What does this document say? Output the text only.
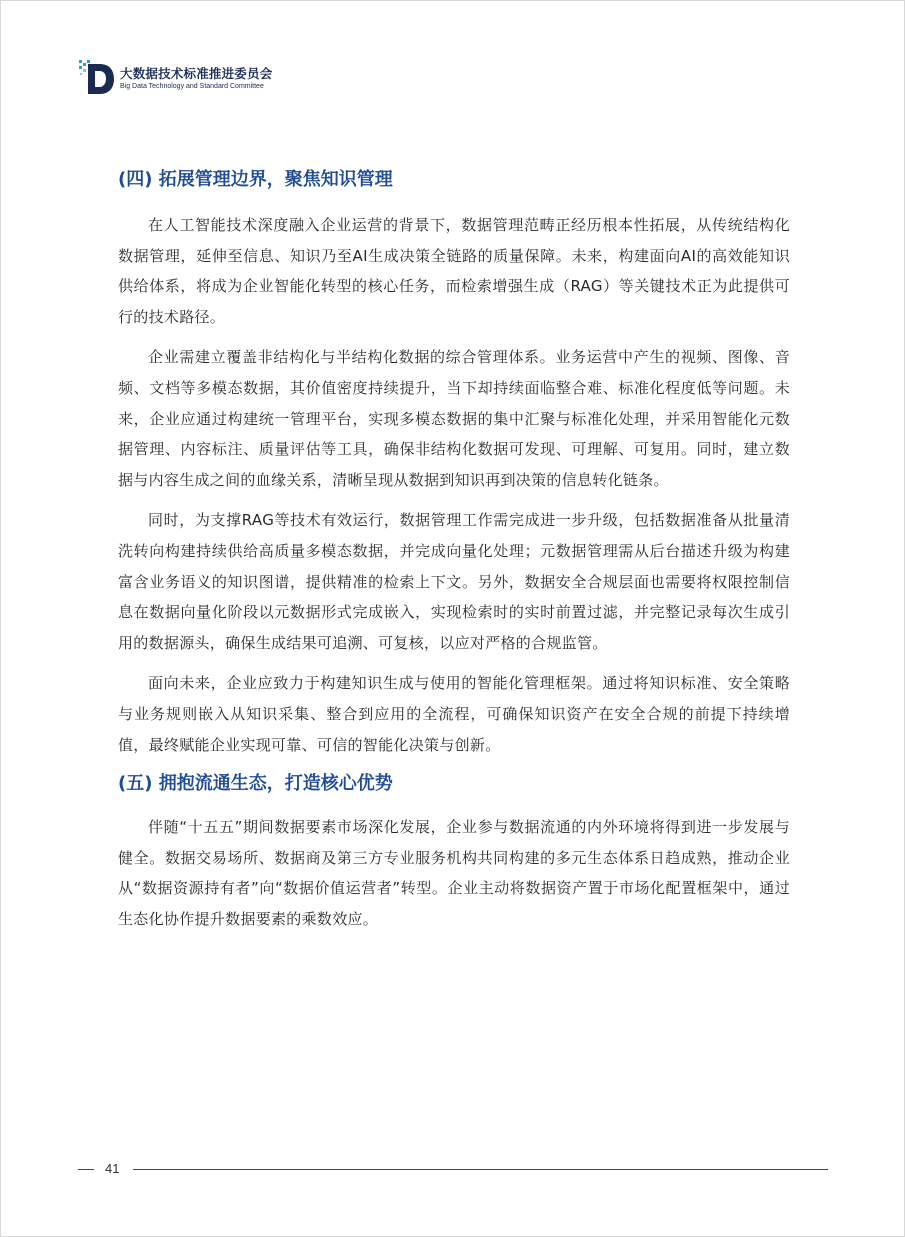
大数据技术标准推进委员会
Big Data Technology and Standard Committee
(四) 拓展管理边界，聚焦知识管理

在人工智能技术深度融入企业运营的背景下，数据管理范畴正经历根本性拓展，从传统结构化数据管理，延伸至信息、知识乃至AI生成决策全链路的质量保障。未来，构建面向AI的高效能知识供给体系，将成为企业智能化转型的核心任务，而检索增强生成（RAG）等关键技术正为此提供可行的技术路径。

企业需建立覆盖非结构化与半结构化数据的综合管理体系。业务运营中产生的视频、图像、音频、文档等多模态数据，其价值密度持续提升，当下却持续面临整合难、标准化程度低等问题。未来，企业应通过构建统一管理平台，实现多模态数据的集中汇聚与标准化处理，并采用智能化元数据管理、内容标注、质量评估等工具，确保非结构化数据可发现、可理解、可复用。同时，建立数据与内容生成之间的血缘关系，清晰呈现从数据到知识再到决策的信息转化链条。

同时，为支撑RAG等技术有效运行，数据管理工作需完成进一步升级，包括数据准备从批量清洗转向构建持续供给高质量多模态数据，并完成向量化处理；元数据管理需从后台描述升级为构建富含业务语义的知识图谱，提供精准的检索上下文。另外，数据安全合规层面也需要将权限控制信息在数据向量化阶段以元数据形式完成嵌入，实现检索时的实时前置过滤，并完整记录每次生成引用的数据源头，确保生成结果可追溯、可复核，以应对严格的合规监管。

面向未来，企业应致力于构建知识生成与使用的智能化管理框架。通过将知识标准、安全策略与业务规则嵌入从知识采集、整合到应用的全流程，可确保知识资产在安全合规的前提下持续增值，最终赋能企业实现可靠、可信的智能化决策与创新。

(五) 拥抱流通生态，打造核心优势

伴随“十五五”期间数据要素市场深化发展，企业参与数据流通的内外环境将得到进一步发展与健全。数据交易场所、数据商及第三方专业服务机构共同构建的多元生态体系日趋成熟，推动企业从“数据资源持有者”向“数据价值运营者”转型。企业主动将数据资产置于市场化配置框架中，通过生态化协作提升数据要素的乘数效应。

41
